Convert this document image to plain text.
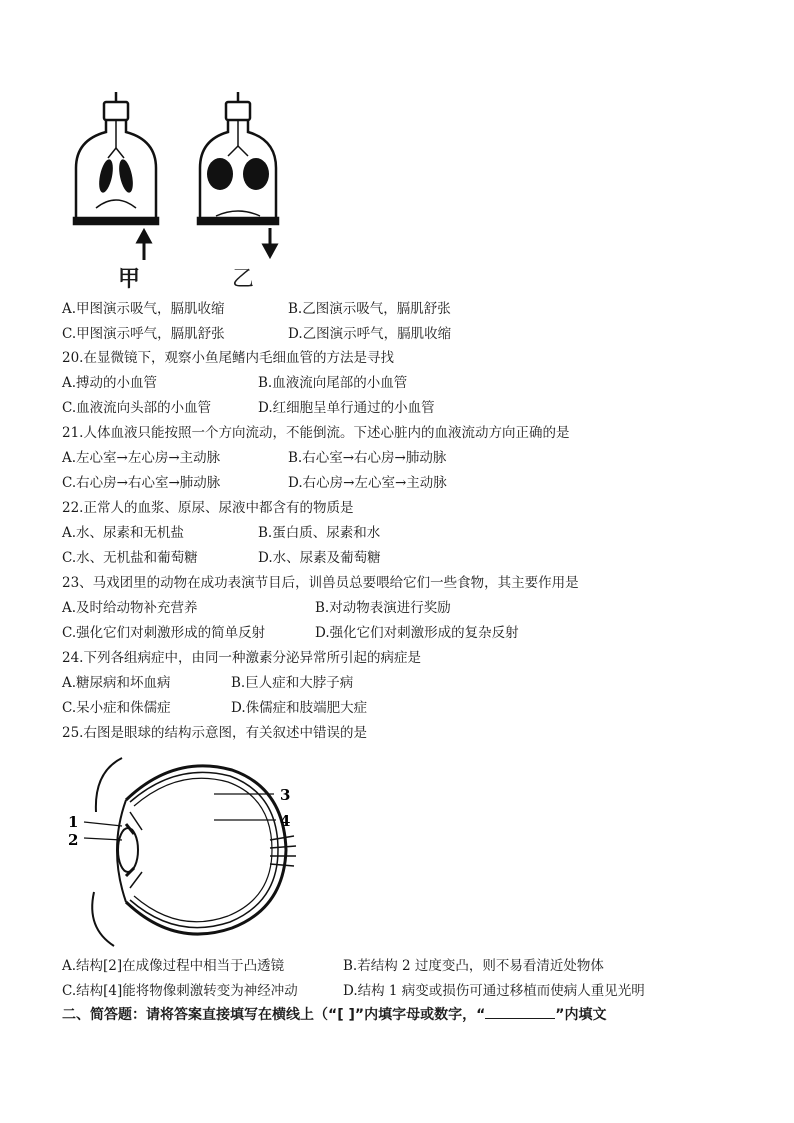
甲	乙
A.甲图演示吸气，膈肌收缩	B.乙图演示吸气，膈肌舒张
C.甲图演示呼气，膈肌舒张	D.乙图演示呼气，膈肌收缩
20.在显微镜下，观察小鱼尾鳍内毛细血管的方法是寻找
A.搏动的小血管	B.血液流向尾部的小血管
C.血液流向头部的小血管	D.红细胞呈单行通过的小血管
21.人体血液只能按照一个方向流动，不能倒流。下述心脏内的血液流动方向正确的是
A.左心室→左心房→主动脉	B.右心室→右心房→肺动脉
C.右心房→右心室→肺动脉	D.右心房→左心室→主动脉
22.正常人的血浆、原尿、尿液中都含有的物质是
A.水、尿素和无机盐	B.蛋白质、尿素和水
C.水、无机盐和葡萄糖	D.水、尿素及葡萄糖
23、马戏团里的动物在成功表演节目后，训兽员总要喂给它们一些食物，其主要作用是
A.及时给动物补充营养	B.对动物表演进行奖励
C.强化它们对刺激形成的简单反射	D.强化它们对刺激形成的复杂反射
24.下列各组病症中，由同一种激素分泌异常所引起的病症是
A.糖尿病和坏血病	B.巨人症和大脖子病
C.呆小症和侏儒症	D.侏儒症和肢端肥大症
25.右图是眼球的结构示意图，有关叙述中错误的是
1
2
3
4
A.结构[2]在成像过程中相当于凸透镜	B.若结构 2 过度变凸，则不易看清近处物体
C.结构[4]能将物像刺激转变为神经冲动	D.结构 1 病变或损伤可通过移植而使病人重见光明
二、简答题：请将答案直接填写在横线上（“[ ]”内填字母或数字，“	”内填文
